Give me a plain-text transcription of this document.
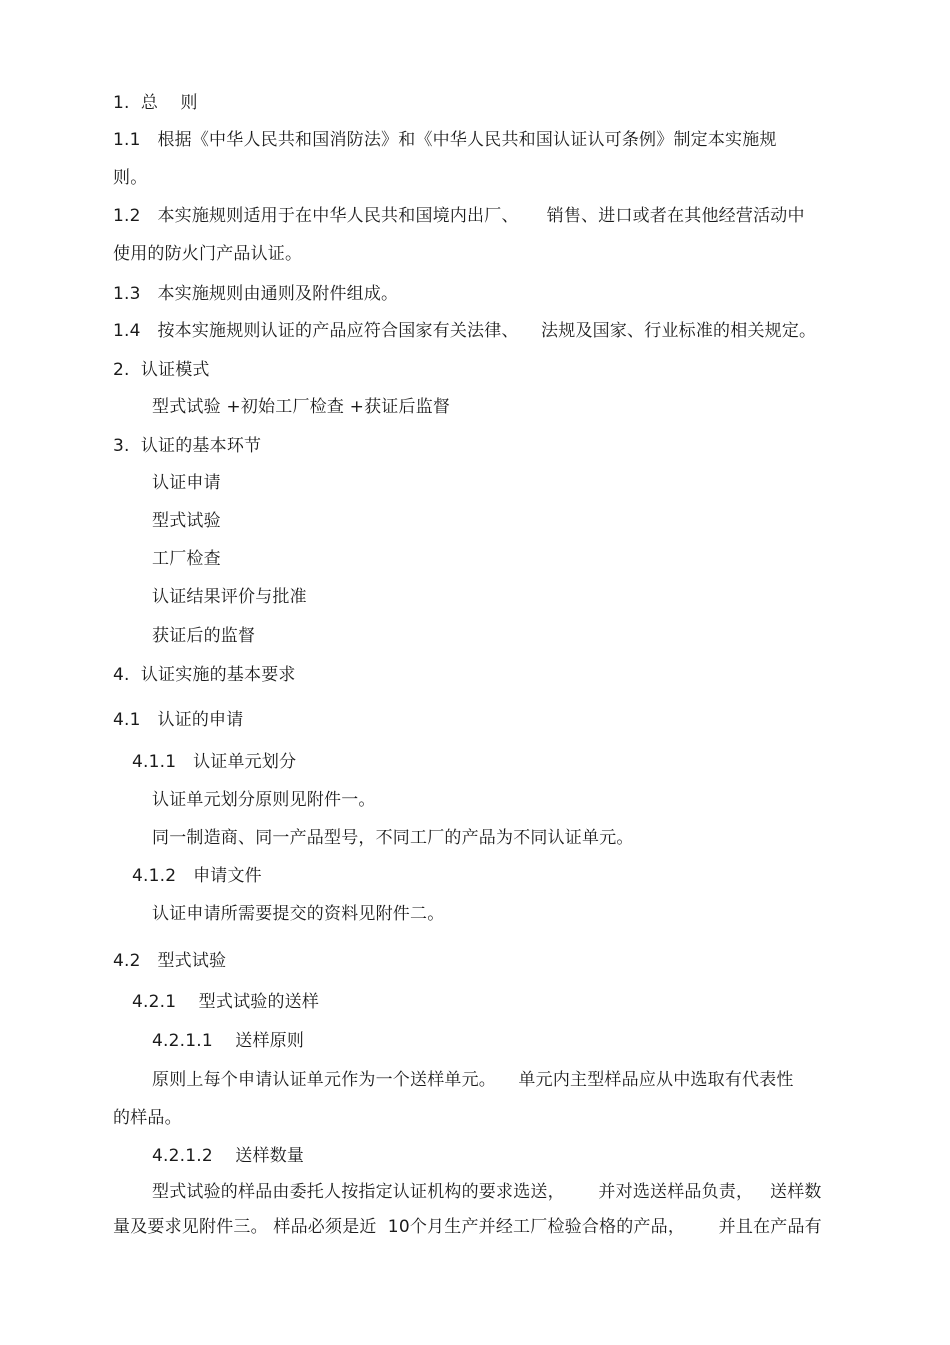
1.  总    则
1.1   根据《中华人民共和国消防法》和《中华人民共和国认证认可条例》制定本实施规
则。
1.2   本实施规则适用于在中华人民共和国境内出厂、     销售、进口或者在其他经营活动中
使用的防火门产品认证。
1.3   本实施规则由通则及附件组成。
1.4   按本实施规则认证的产品应符合国家有关法律、    法规及国家、行业标准的相关规定。
2.  认证模式
型式试验 +初始工厂检查 +获证后监督
3.  认证的基本环节
认证申请
型式试验
工厂检查
认证结果评价与批准
获证后的监督
4.  认证实施的基本要求
4.1   认证的申请
4.1.1   认证单元划分
认证单元划分原则见附件一。
同一制造商、同一产品型号，不同工厂的产品为不同认证单元。
4.1.2   申请文件
认证申请所需要提交的资料见附件二。
4.2   型式试验
4.2.1    型式试验的送样
4.2.1.1    送样原则
原则上每个申请认证单元作为一个送样单元。    单元内主型样品应从中选取有代表性
的样品。
4.2.1.2    送样数量
型式试验的样品由委托人按指定认证机构的要求选送，      并对选送样品负责，   送样数
量及要求见附件三。 样品必须是近  10个月生产并经工厂检验合格的产品，      并且在产品有
